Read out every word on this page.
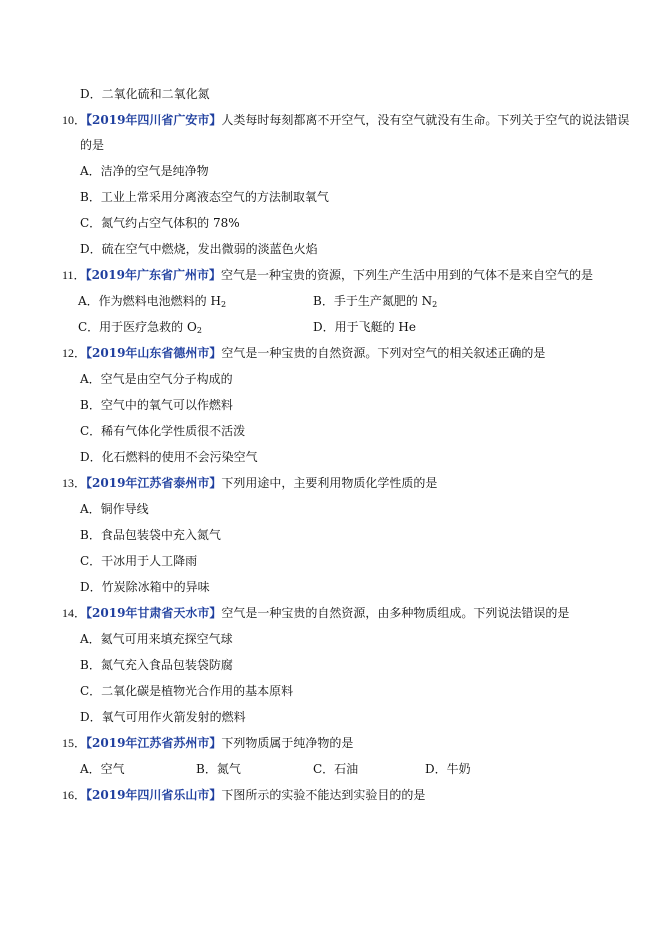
D．二氧化硫和二氧化氮
10．【2019年四川省广安市】人类每时每刻都离不开空气，没有空气就没有生命。下列关于空气的说法错误
的是
A．洁净的空气是纯净物
B．工业上常采用分离液态空气的方法制取氧气
C．氮气约占空气体积的 78%
D．硫在空气中燃烧，发出微弱的淡蓝色火焰
11．【2019年广东省广州市】空气是一种宝贵的资源，下列生产生活中用到的气体不是来自空气的是
A．作为燃料电池燃料的 $H_2$	B．手于生产氮肥的 $N_2$
C．用于医疗急救的 $O_2$	D．用于飞艇的 He
12．【2019年山东省德州市】空气是一种宝贵的自然资源。下列对空气的相关叙述正确的是
A．空气是由空气分子构成的
B．空气中的氧气可以作燃料
C．稀有气体化学性质很不活泼
D．化石燃料的使用不会污染空气
13．【2019年江苏省泰州市】下列用途中，主要利用物质化学性质的是
A．铜作导线
B．食品包装袋中充入氮气
C．干冰用于人工降雨
D．竹炭除冰箱中的异味
14．【2019年甘肃省天水市】空气是一种宝贵的自然资源，由多种物质组成。下列说法错误的是
A．氦气可用来填充探空气球
B．氮气充入食品包装袋防腐
C．二氧化碳是植物光合作用的基本原料
D．氧气可用作火箭发射的燃料
15．【2019年江苏省苏州市】下列物质属于纯净物的是
A．空气	B．氮气	C．石油	D．牛奶
16．【2019年四川省乐山市】下图所示的实验不能达到实验目的的是
